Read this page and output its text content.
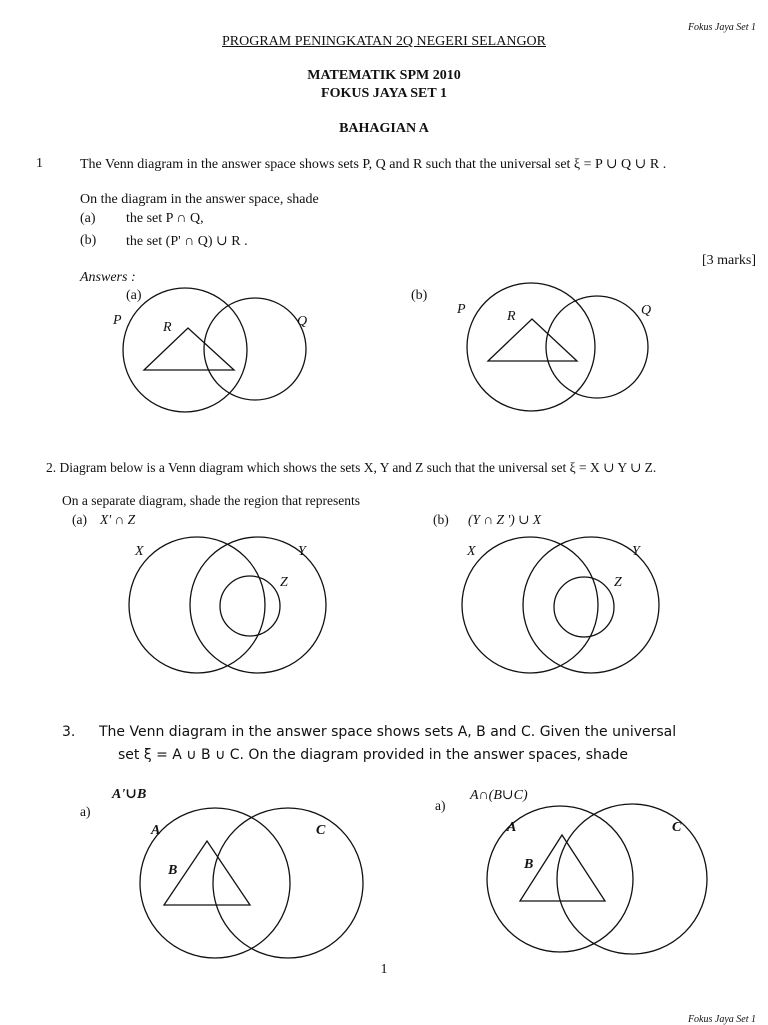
Fokus Jaya Set 1
PROGRAM PENINGKATAN 2Q NEGERI SELANGOR
MATEMATIK SPM 2010
FOKUS JAYA SET 1
BAHAGIAN A
1	The Venn diagram in the answer space shows sets P, Q and R such that the universal set ξ = P ∪ Q ∪ R .
On the diagram in the answer space, shade
(a) the set P ∩ Q,
(b) the set (P' ∩ Q) ∪ R .
[3 marks]
Answers :
(a)	(b)
P	R	Q
P	R	Q
2. Diagram below is a Venn diagram which shows the sets X, Y and Z such that the universal set ξ = X ∪ Y ∪ Z.
On a separate diagram, shade the region that represents
(a) X' ∩ Z	(b) (Y ∩ Z ') ∪ X
X	Y
Z
X	Y
Z
3. The Venn diagram in the answer space shows sets A, B and C. Given the universal
set ξ = A ∪ B ∪ C. On the diagram provided in the answer spaces, shade
A'∪B
a)
A∩(B∪C)
a)
A
B
C	A
B
C
1
Fokus Jaya Set 1
